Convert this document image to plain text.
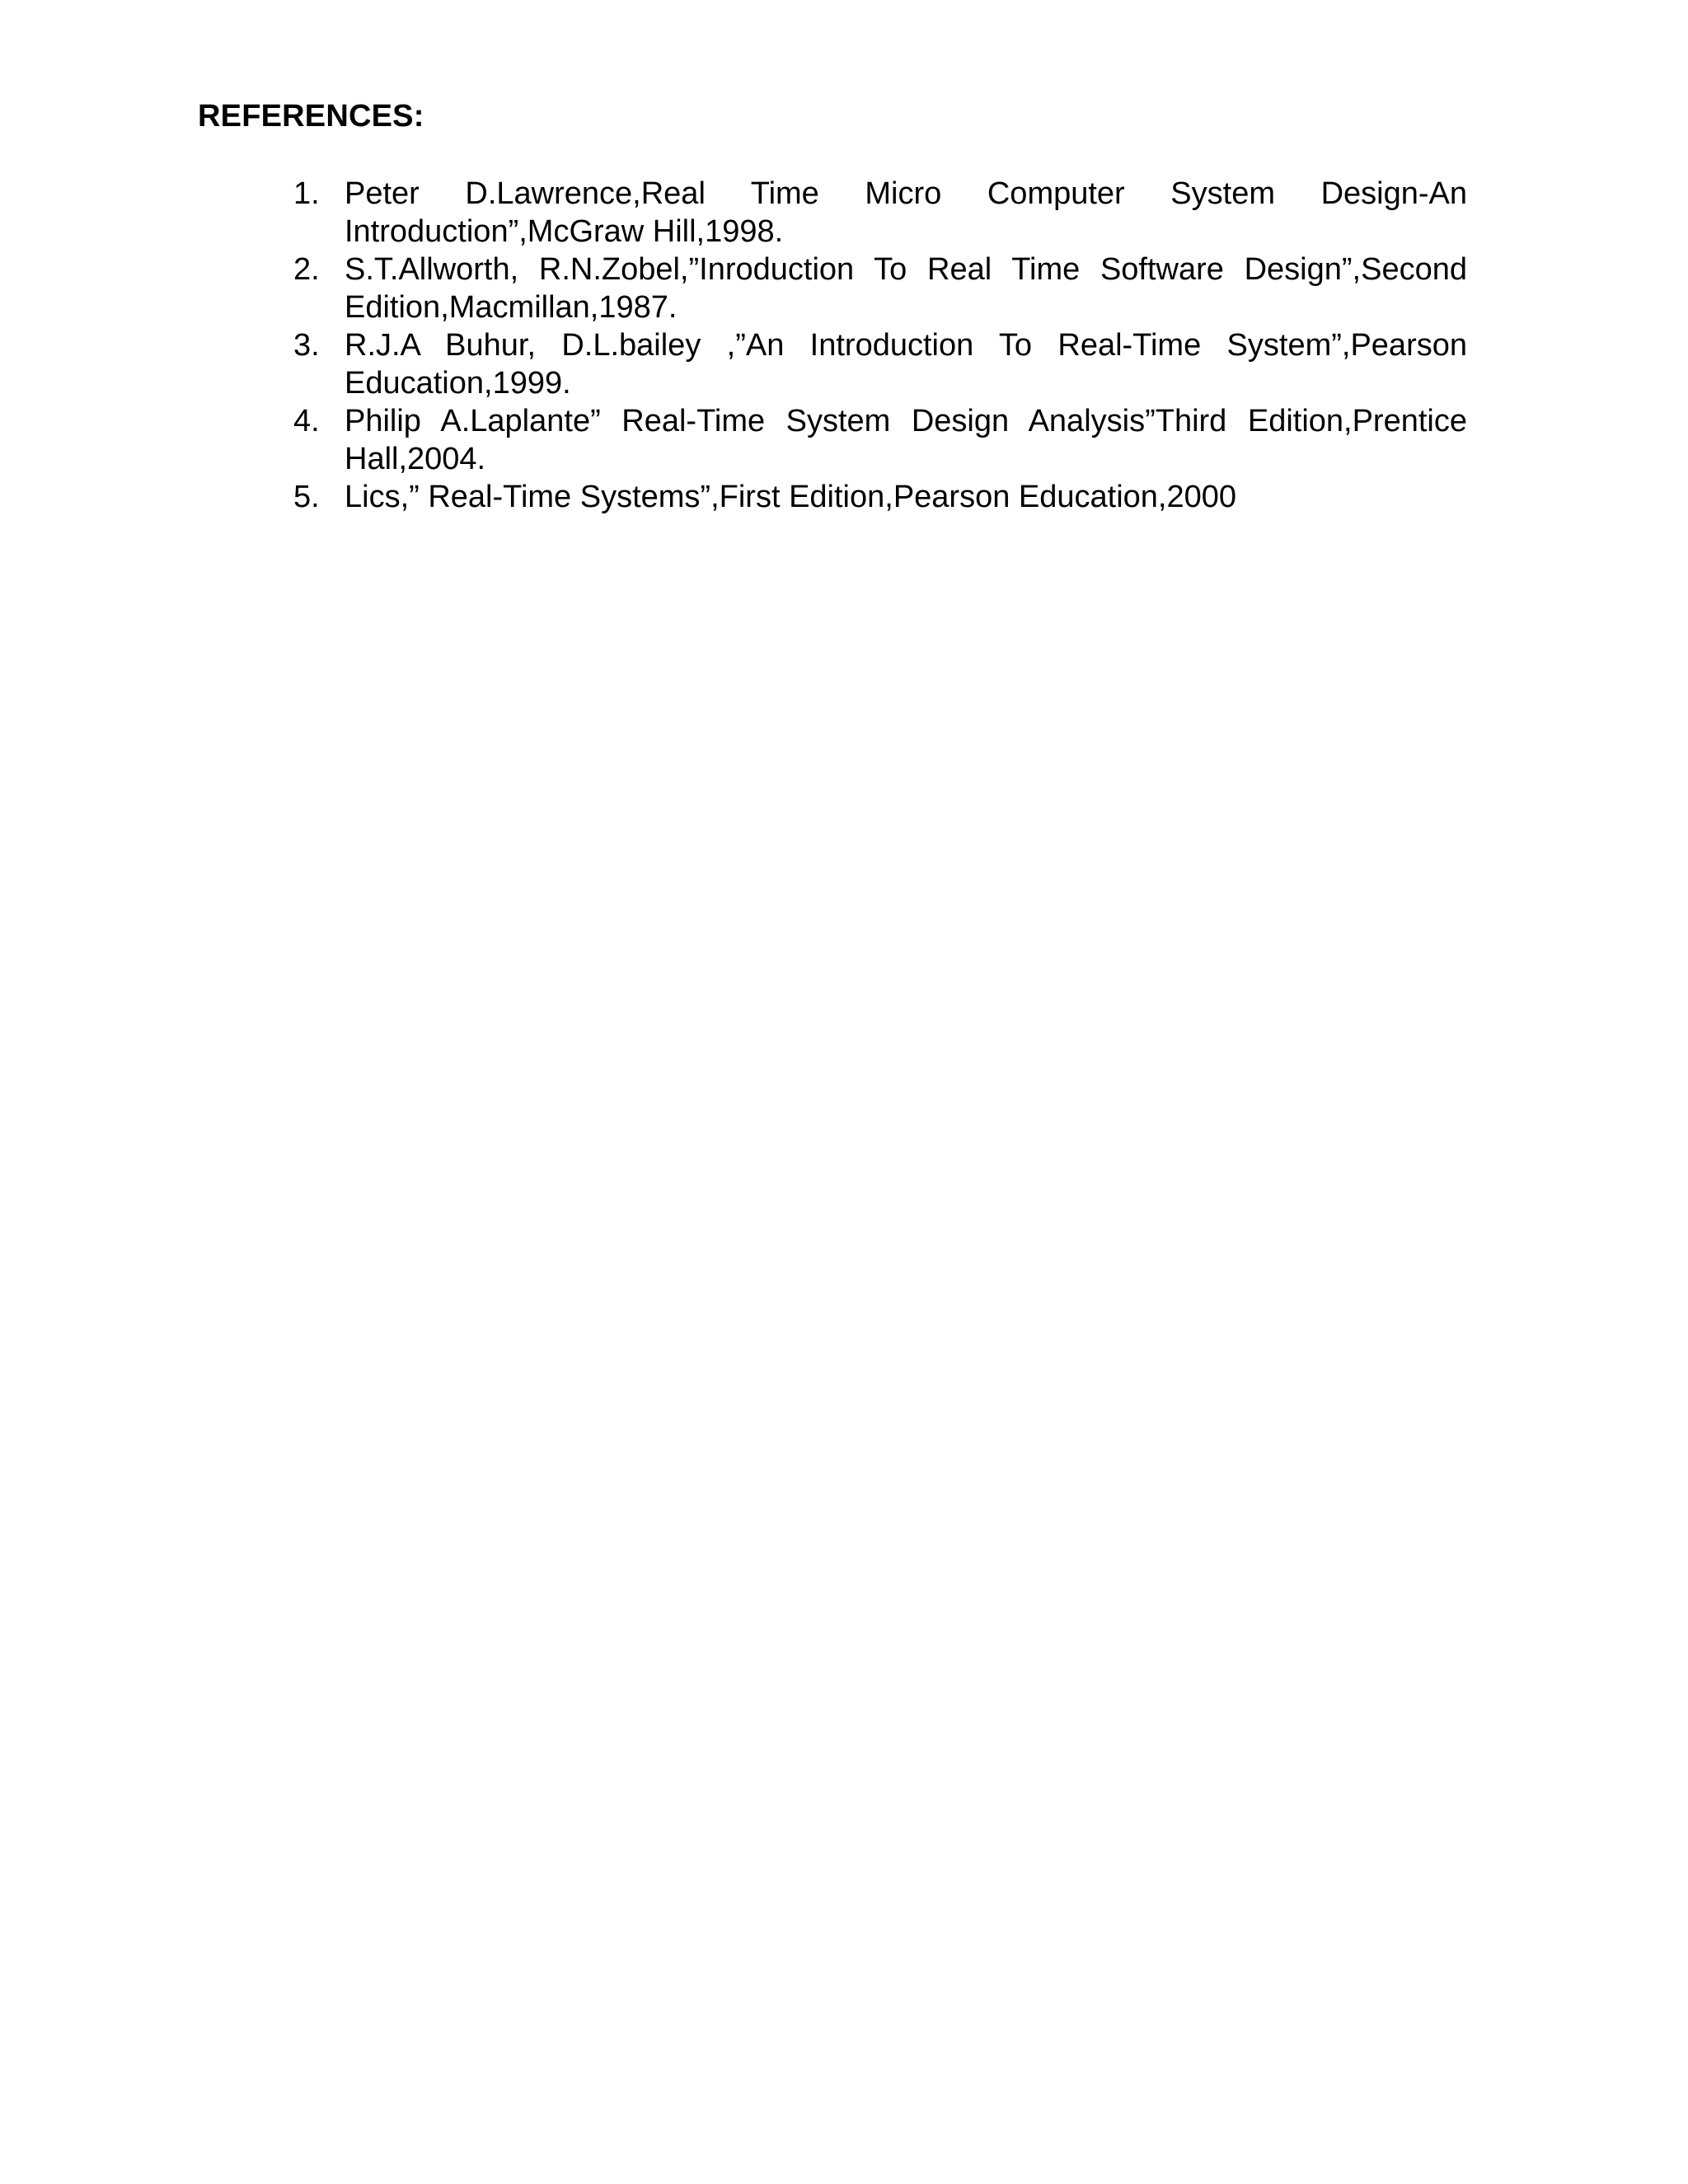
REFERENCES:
1. Peter D.Lawrence,Real Time Micro Computer System Design-An Introduction”,McGraw Hill,1998.
2. S.T.Allworth, R.N.Zobel,”Inroduction To Real Time Software Design”,Second Edition,Macmillan,1987.
3. R.J.A Buhur, D.L.bailey ,”An Introduction To Real-Time System”,Pearson Education,1999.
4. Philip A.Laplante” Real-Time System Design Analysis”Third Edition,Prentice Hall,2004.
5. Lics,” Real-Time Systems”,First Edition,Pearson Education,2000
